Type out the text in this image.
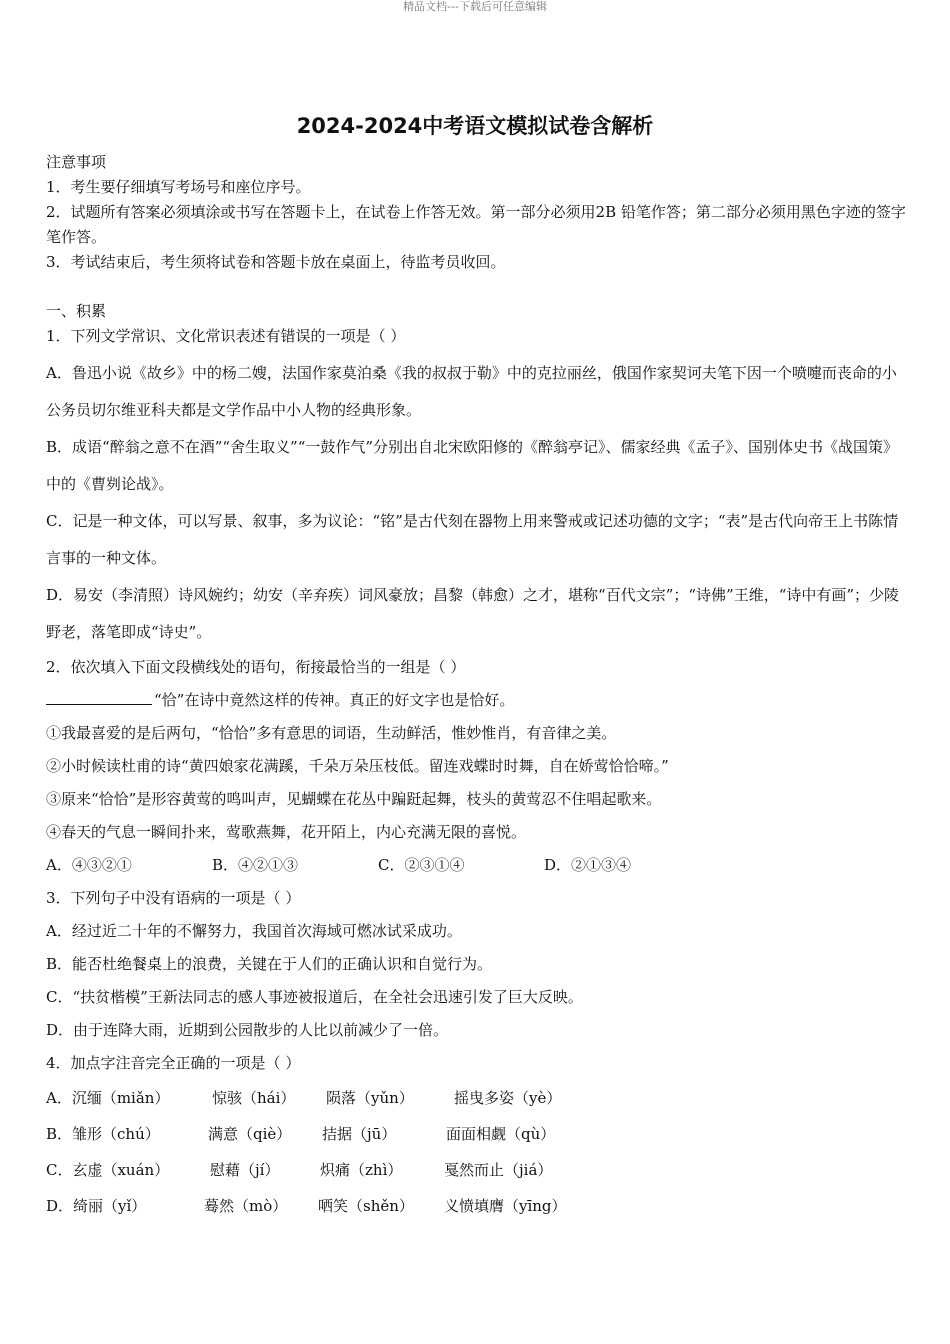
精品文档---下载后可任意编辑
2024-2024中考语文模拟试卷含解析
注意事项
1．考生要仔细填写考场号和座位序号。
2．试题所有答案必须填涂或书写在答题卡上，在试卷上作答无效。第一部分必须用2B 铅笔作答；第二部分必须用黑色字迹的签字笔作答。
3．考试结束后，考生须将试卷和答题卡放在桌面上，待监考员收回。
一、积累
1．下列文学常识、文化常识表述有错误的一项是（ ）
A．鲁迅小说《故乡》中的杨二嫂，法国作家莫泊桑《我的叔叔于勒》中的克拉丽丝，俄国作家契诃夫笔下因一个喷嚏而丧命的小公务员切尔维亚科夫都是文学作品中小人物的经典形象。
B．成语“醉翁之意不在酒”“舍生取义”“一鼓作气”分别出自北宋欧阳修的《醉翁亭记》、儒家经典《孟子》、国别体史书《战国策》中的《曹刿论战》。
C．记是一种文体，可以写景、叙事，多为议论：“铭”是古代刻在器物上用来警戒或记述功德的文字；“表”是古代向帝王上书陈情言事的一种文体。
D．易安（李清照）诗风婉约；幼安（辛弃疾）词风豪放；昌黎（韩愈）之才，堪称“百代文宗”；“诗佛”王维，“诗中有画”；少陵野老，落笔即成“诗史”。
2．依次填入下面文段横线处的语句，衔接最恰当的一组是（ ）
“恰”在诗中竟然这样的传神。真正的好文字也是恰好。
①我最喜爱的是后两句，“恰恰”多有意思的词语，生动鲜活，惟妙惟肖，有音律之美。
②小时候读杜甫的诗“黄四娘家花满蹊，千朵万朵压枝低。留连戏蝶时时舞，自在娇莺恰恰啼。”
③原来“恰恰”是形容黄莺的鸣叫声，见蝴蝶在花丛中蹁跹起舞，枝头的黄莺忍不住唱起歌来。
④春天的气息一瞬间扑来，莺歌燕舞，花开陌上，内心充满无限的喜悦。
A．④③②①	B．④②①③	C．②③①④	D．②①③④
3．下列句子中没有语病的一项是（ ）
A．经过近二十年的不懈努力，我国首次海域可燃冰试采成功。
B．能否杜绝餐桌上的浪费，关键在于人们的正确认识和自觉行为。
C．“扶贫楷模”王新法同志的感人事迹被报道后，在全社会迅速引发了巨大反映。
D．由于连降大雨，近期到公园散步的人比以前减少了一倍。
4．加点字注音完全正确的一项是（ ）
A．沉缅（miǎn）	惊骇（hái）	陨落（yǔn）	摇曳多姿（yè）
B．雏形（chú）	满意（qiè）	拮据（jū）	面面相觑（qù）
C．玄虚（xuán）	慰藉（jí）	炽痛（zhì）	戛然而止（jiá）
D．绮丽（yǐ）	蓦然（mò）	哂笑（shěn）	义愤填膺（yīng）
